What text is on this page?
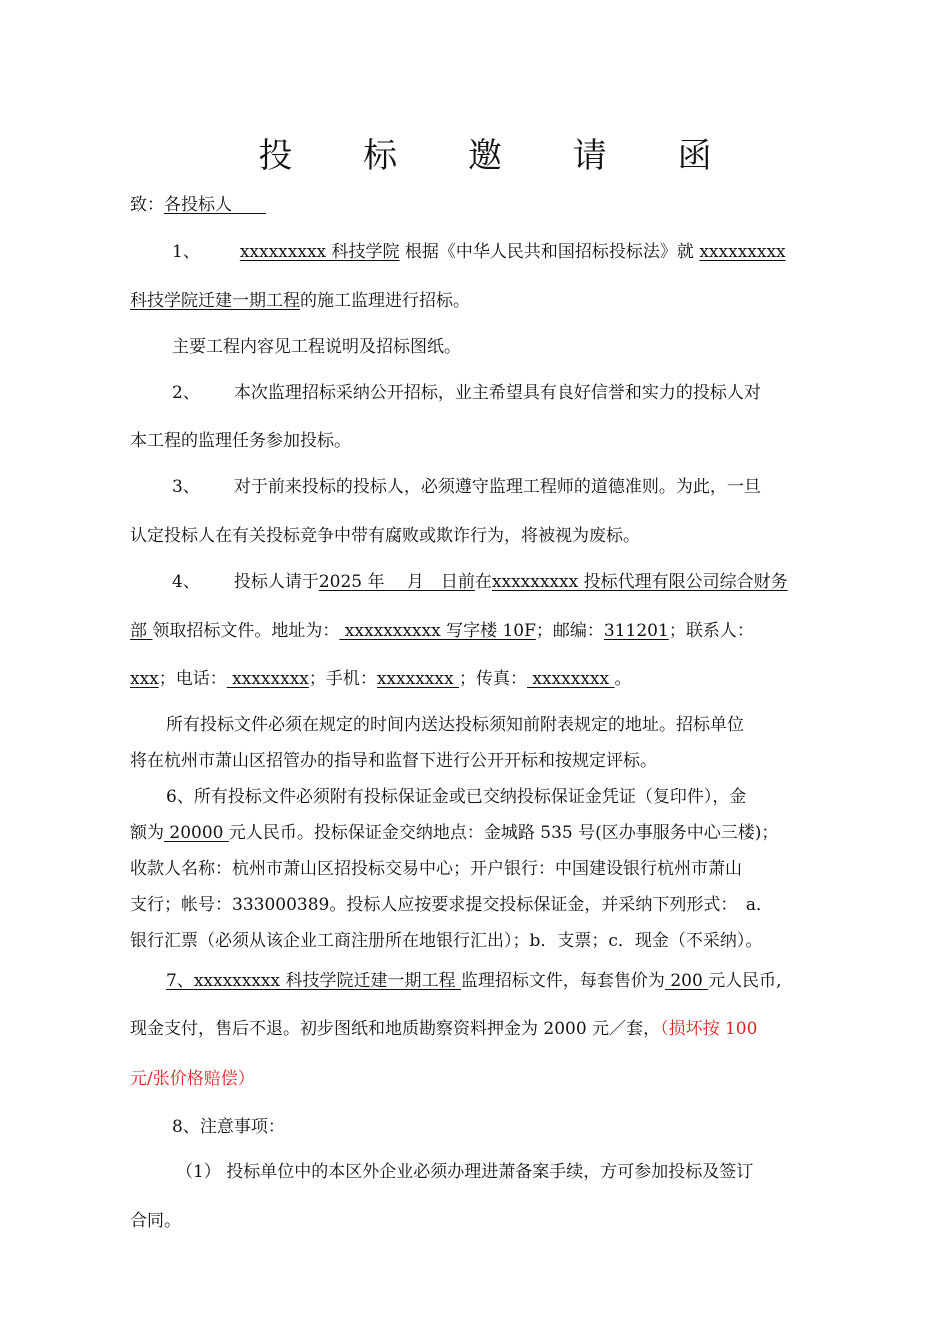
投 标 邀 请 函
致：各投标人　　
1、 xxxxxxxxx 科技学院 根据《中华人民共和国招标投标法》就 xxxxxxxxx
科技学院迁建一期工程的施工监理进行招标。
主要工程内容见工程说明及招标图纸。
2、 本次监理招标采纳公开招标，业主希望具有良好信誉和实力的投标人对
本工程的监理任务参加投标。
3、 对于前来投标的投标人，必须遵守监理工程师的道德准则。为此，一旦
认定投标人在有关投标竞争中带有腐败或欺诈行为，将被视为废标。
4、 投标人请于2025 年　 月　日前在xxxxxxxxx 投标代理有限公司综合财务
部 领取招标文件。地址为： xxxxxxxxxx 写字楼 10F；邮编：311201；联系人：
xxx；电话： xxxxxxxx；手机：xxxxxxxx ；传真： xxxxxxxx 。
所有投标文件必须在规定的时间内送达投标须知前附表规定的地址。招标单位
将在杭州市萧山区招管办的指导和监督下进行公开开标和按规定评标。
6、所有投标文件必须附有投标保证金或已交纳投标保证金凭证（复印件），金
额为 20000 元人民币。投标保证金交纳地点：金城路 535 号(区办事服务中心三楼)；
收款人名称：杭州市萧山区招投标交易中心；开户银行：中国建设银行杭州市萧山
支行；帐号：333000389。投标人应按要求提交投标保证金，并采纳下列形式：　a．
银行汇票（必须从该企业工商注册所在地银行汇出）；b．支票；c．现金（不采纳）。
7、xxxxxxxxx 科技学院迁建一期工程 监理招标文件，每套售价为 200 元人民币,
现金支付，售后不退。初步图纸和地质勘察资料押金为 2000 元／套，（损坏按 100
元/张价格赔偿）
8、注意事项：
（1） 投标单位中的本区外企业必须办理进萧备案手续，方可参加投标及签订
合同。
